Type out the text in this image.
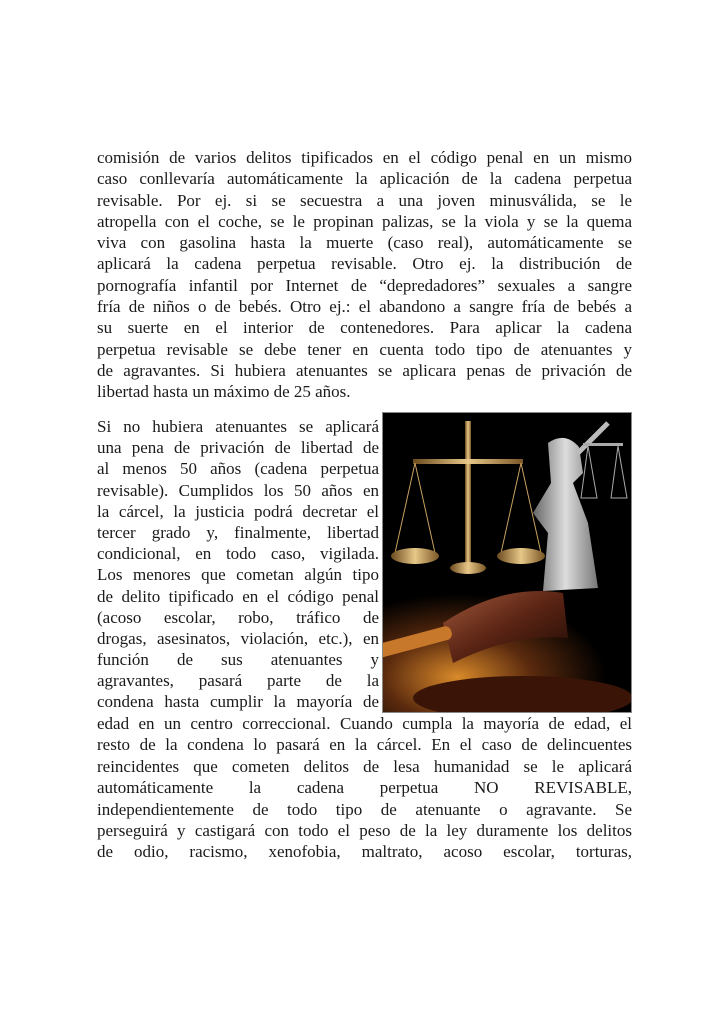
comisión de varios delitos tipificados en el código penal en un mismo
caso conllevaría automáticamente la aplicación de la cadena perpetua
revisable. Por ej. si se secuestra a una joven minusválida, se le
atropella con el coche, se le propinan palizas, se la viola y se la quema
viva con gasolina hasta la muerte (caso real), automáticamente se
aplicará la cadena perpetua revisable. Otro ej. la distribución de
pornografía infantil por Internet de “depredadores” sexuales a sangre
fría de niños o de bebés. Otro ej.: el abandono a sangre fría de bebés a
su suerte en el interior de contenedores. Para aplicar la cadena
perpetua revisable se debe tener en cuenta todo tipo de atenuantes y
de agravantes. Si hubiera atenuantes se aplicara penas de privación de
libertad hasta un máximo de 25 años.
Si no hubiera atenuantes se aplicará
una pena de privación de libertad de
al menos 50 años (cadena perpetua
revisable). Cumplidos los 50 años en
la cárcel, la justicia podrá decretar el
tercer grado y, finalmente, libertad
condicional, en todo caso, vigilada.
Los menores que cometan algún tipo
de delito tipificado en el código penal
(acoso escolar, robo, tráfico de
drogas, asesinatos, violación, etc.), en
función de sus atenuantes y
agravantes, pasará parte de la
condena hasta cumplir la mayoría de
edad en un centro correccional. Cuando cumpla la mayoría de edad, el
resto de la condena lo pasará en la cárcel. En el caso de delincuentes
reincidentes que cometen delitos de lesa humanidad se le aplicará
automáticamente la cadena perpetua NO REVISABLE,
independientemente de todo tipo de atenuante o agravante. Se
perseguirá y castigará con todo el peso de la ley duramente los delitos
de odio, racismo, xenofobia, maltrato, acoso escolar, torturas,
